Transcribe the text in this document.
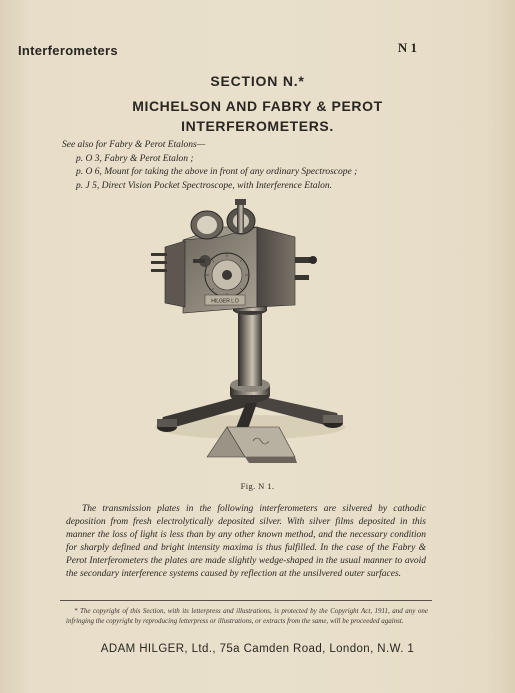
Interferometers	N 1
SECTION N.*
MICHELSON AND FABRY & PEROT
INTERFEROMETERS.
See also for Fabry & Perot Etalons—
p. O 3, Fabry & Perot Etalon ;
p. O 6, Mount for taking the above in front of any ordinary Spectroscope ;
p. J 5, Direct Vision Pocket Spectroscope, with Interference Etalon.
HILGER L D
Fig. N 1.
The transmission plates in the following interferometers are silvered by cathodic deposition from fresh electrolytically deposited silver. With silver films deposited in this manner the loss of light is less than by any other known method, and the necessary condition for sharply defined and bright intensity maxima is thus fulfilled. In the case of the Fabry & Perot Interferometers the plates are made slightly wedge-shaped in the usual manner to avoid the secondary interference systems caused by reflection at the unsilvered outer surfaces.
* The copyright of this Section, with its letterpress and illustrations, is protected by the Copyright Act, 1911, and any one infringing the copyright by reproducing letterpress or illustrations, or extracts from the same, will be proceeded against.
ADAM HILGER, Ltd., 75a Camden Road, London, N.W. 1
